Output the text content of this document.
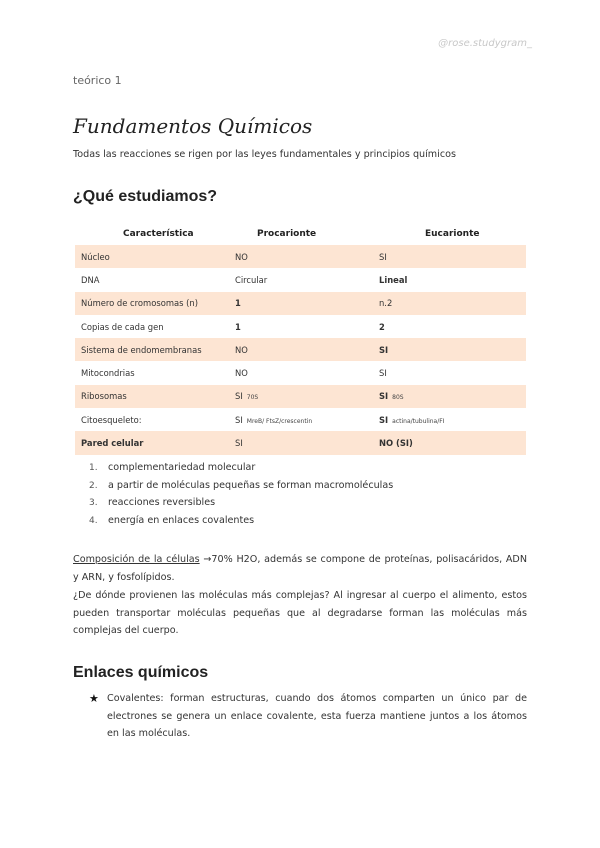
@rose.studygram_
teórico 1
Fundamentos Químicos
Todas las reacciones se rigen por las leyes fundamentales y principios químicos
¿Qué estudiamos?
Característica	Procarionte	Eucarionte
Núcleo	NO	SI
DNA	Circular	Lineal
Número de cromosomas (n)	1	n.2
Copias de cada gen	1	2
Sistema de endomembranas	NO	SI
Mitocondrias	NO	SI
Ribosomas	SI 70S	SI 80S
Citoesqueleto:	SI MreB/ FtsZ/crescentin	SI actina/tubulina/FI
Pared celular	SI	NO (SI)
1. complementariedad molecular
2. a partir de moléculas pequeñas se forman macromoléculas
3. reacciones reversibles
4. energía en enlaces covalentes
Composición de la células →70% H2O, además se compone de proteínas, polisacáridos, ADN y ARN, y fosfolípidos.
¿De dónde provienen las moléculas más complejas? Al ingresar al cuerpo el alimento, estos pueden transportar moléculas pequeñas que al degradarse forman las moléculas más complejas del cuerpo.
Enlaces químicos
★ Covalentes: forman estructuras, cuando dos átomos comparten un único par de electrones se genera un enlace covalente, esta fuerza mantiene juntos a los átomos en las moléculas.
